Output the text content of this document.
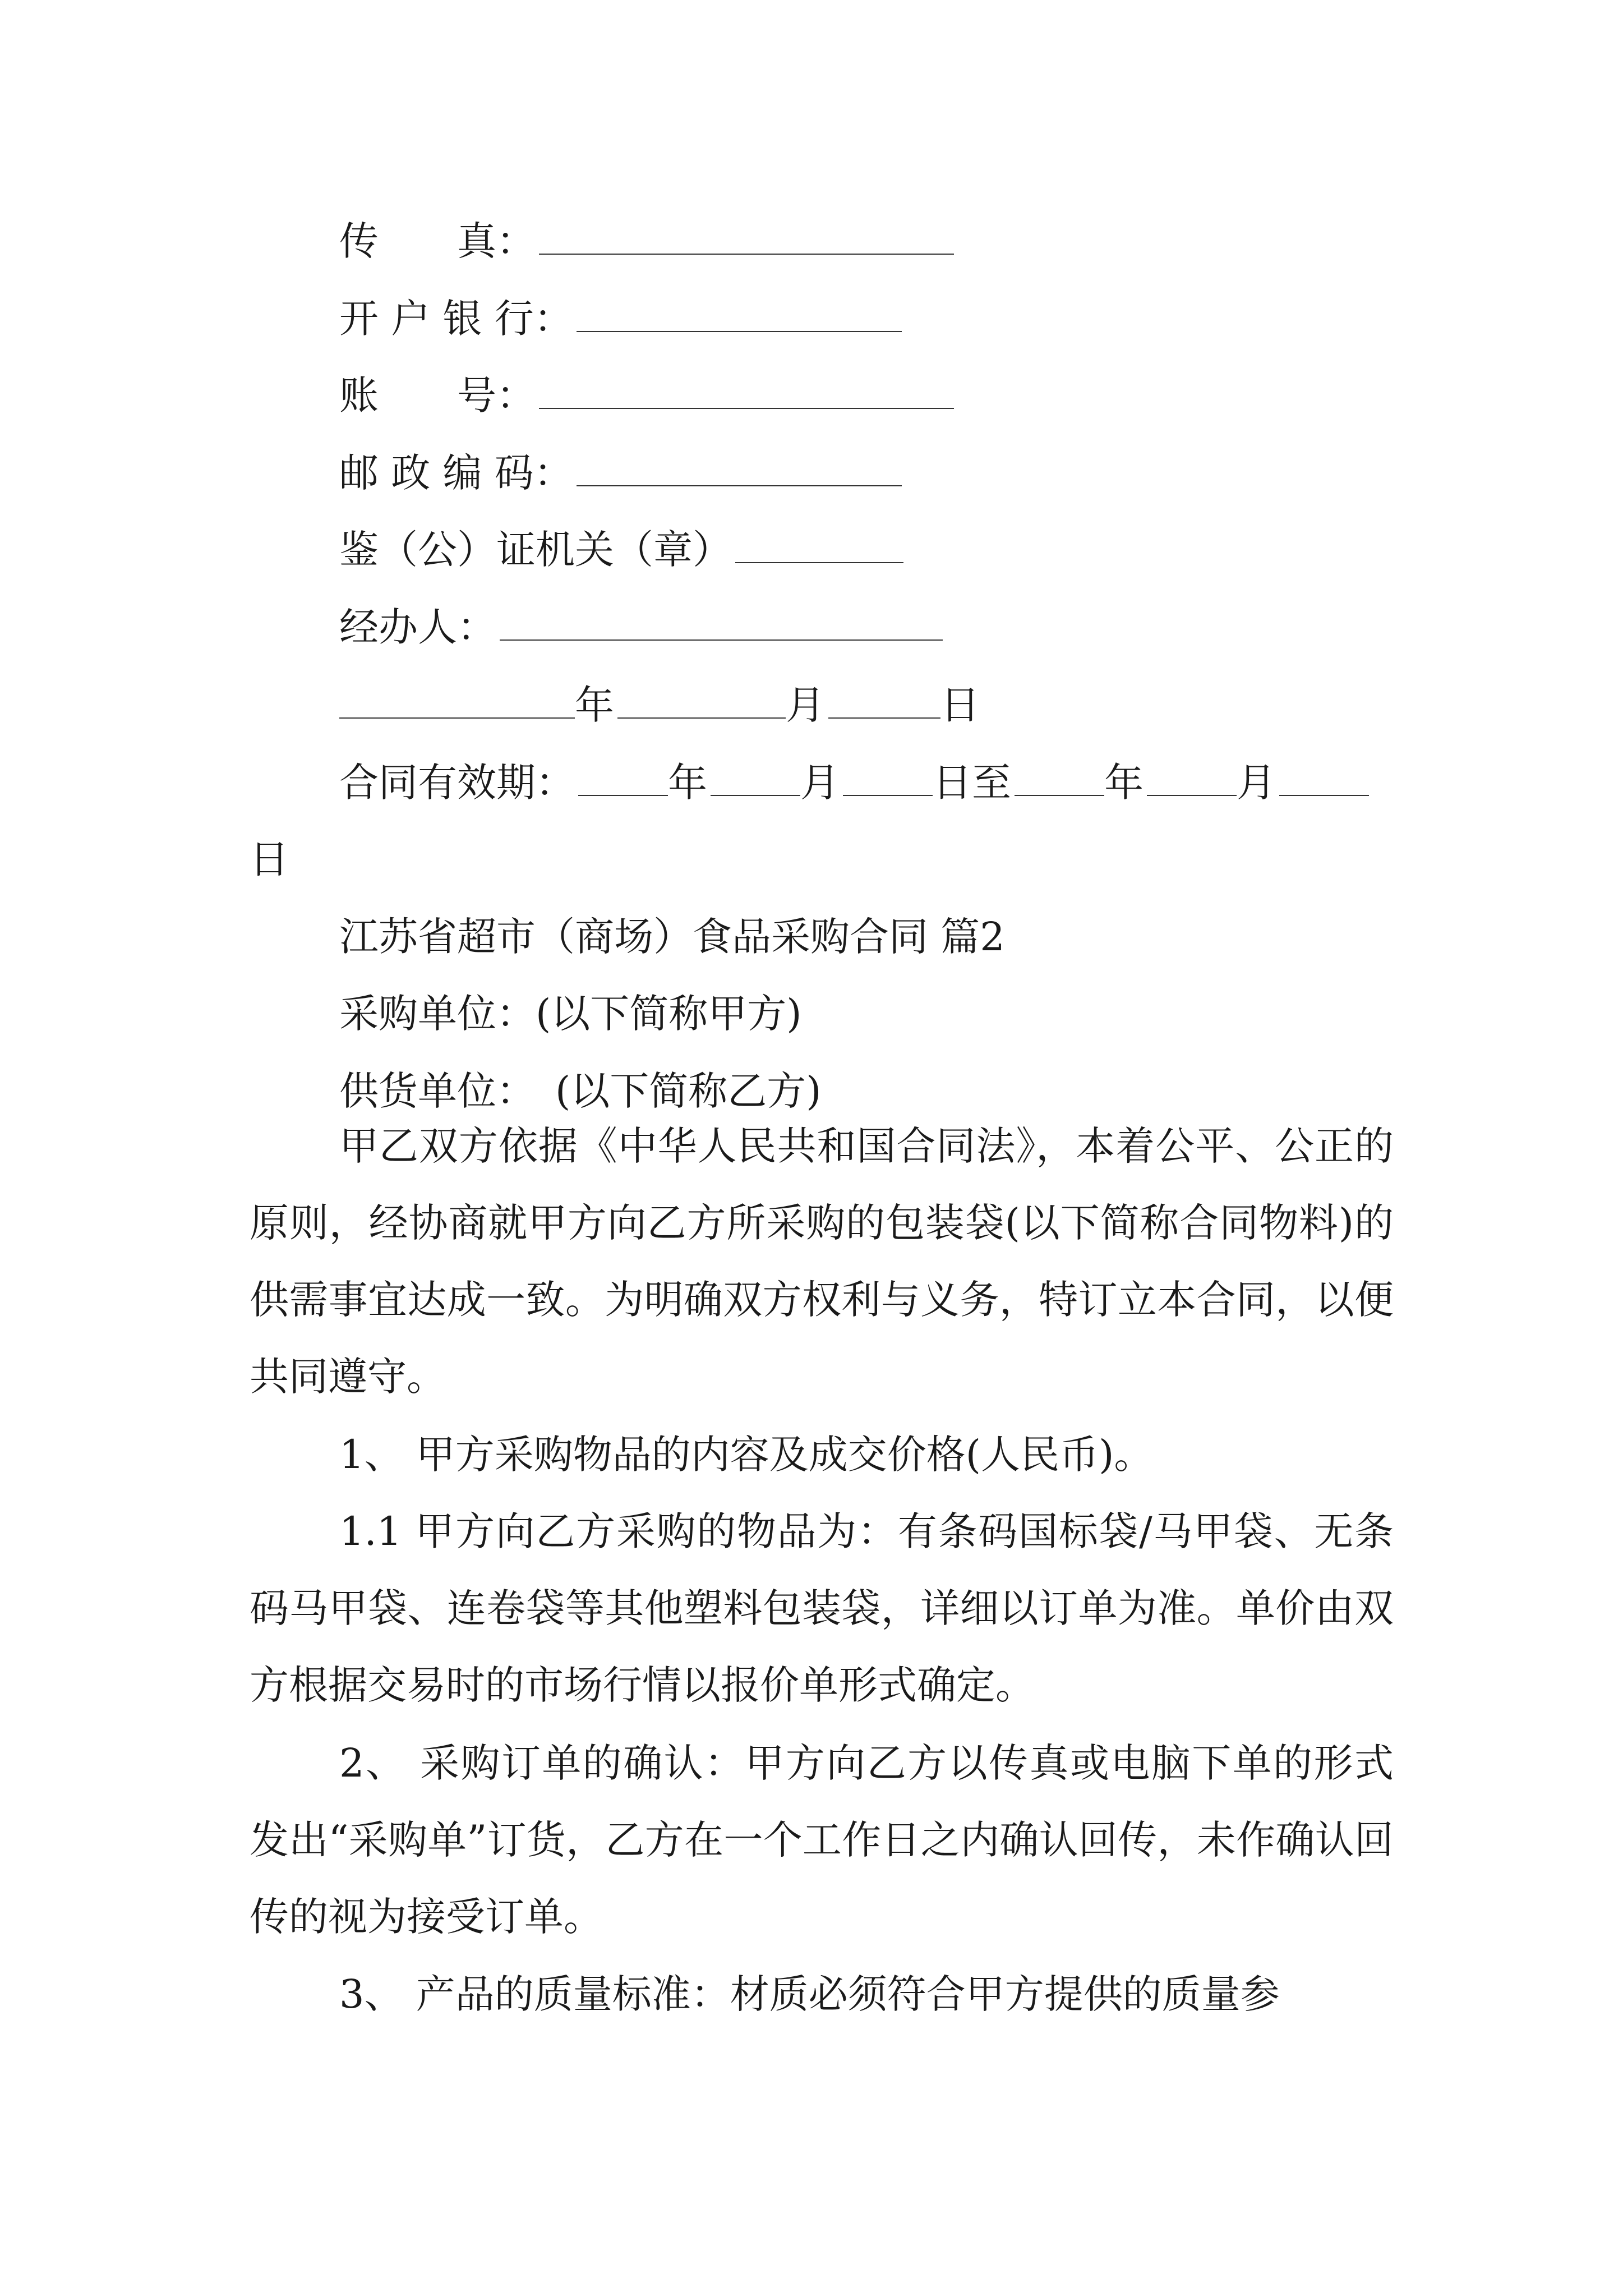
传　　真：
开 户 银 行：
账　　号：
邮 政 编 码：
鉴（公）证机关（章）
经办人：
年	月	日
合同有效期： 年 月 日至 年 月
日
江苏省超市（商场）食品采购合同 篇2
采购单位：(以下简称甲方)
供货单位：　(以下简称乙方)
甲乙双方依据《中华人民共和国合同法》，本着公平、公正的原则，经协商就甲方向乙方所采购的包装袋(以下简称合同物料)的供需事宜达成一致。为明确双方权利与义务，特订立本合同，以便共同遵守。
1、 甲方采购物品的内容及成交价格(人民币)。
1.1 甲方向乙方采购的物品为：有条码国标袋/马甲袋、无条码马甲袋、连卷袋等其他塑料包装袋，详细以订单为准。单价由双方根据交易时的市场行情以报价单形式确定。
2、 采购订单的确认：甲方向乙方以传真或电脑下单的形式发出“采购单”订货，乙方在一个工作日之内确认回传，未作确认回传的视为接受订单。
3、 产品的质量标准：材质必须符合甲方提供的质量参
